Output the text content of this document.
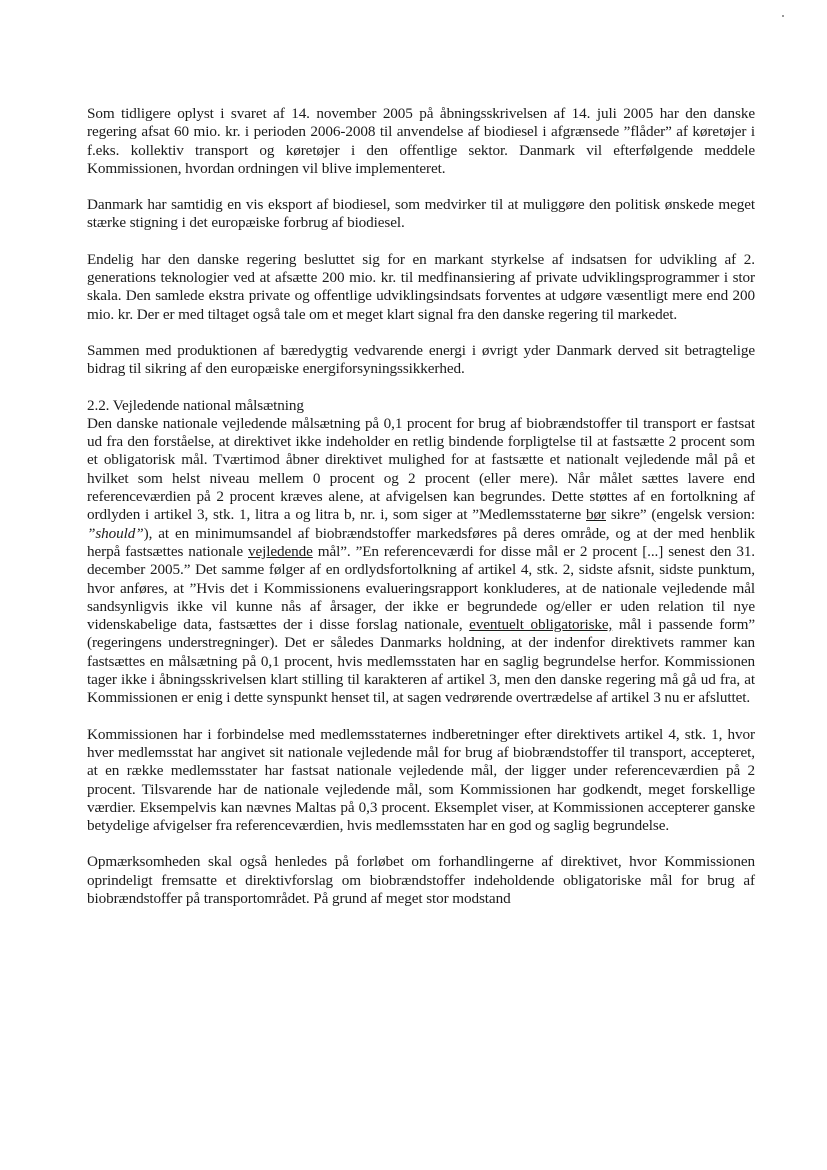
Som tidligere oplyst i svaret af 14. november 2005 på åbningsskrivelsen af 14. juli 2005 har den danske regering afsat 60 mio. kr. i perioden 2006-2008 til anvendelse af biodiesel i afgrænsede ”flåder” af køretøjer i f.eks. kollektiv transport og køretøjer i den offentlige sektor. Danmark vil efterfølgende meddele Kommissionen, hvordan ordningen vil blive implementeret.

Danmark har samtidig en vis eksport af biodiesel, som medvirker til at muliggøre den politisk ønskede meget stærke stigning i det europæiske forbrug af biodiesel.

Endelig har den danske regering besluttet sig for en markant styrkelse af indsatsen for udvikling af 2. generations teknologier ved at afsætte 200 mio. kr. til medfinansiering af private udviklingsprogrammer i stor skala. Den samlede ekstra private og offentlige udviklingsindsats forventes at udgøre væsentligt mere end 200 mio. kr. Der er med tiltaget også tale om et meget klart signal fra den danske regering til markedet.

Sammen med produktionen af bæredygtig vedvarende energi i øvrigt yder Danmark derved sit betragtelige bidrag til sikring af den europæiske energiforsyningssikkerhed.

2.2. Vejledende national målsætning

Den danske nationale vejledende målsætning på 0,1 procent for brug af biobrændstoffer til transport er fastsat ud fra den forståelse, at direktivet ikke indeholder en retlig bindende forpligtelse til at fastsætte 2 procent som et obligatorisk mål. Tværtimod åbner direktivet mulighed for at fastsætte et nationalt vejledende mål på et hvilket som helst niveau mellem 0 procent og 2 procent (eller mere). Når målet sættes lavere end referenceværdien på 2 procent kræves alene, at afvigelsen kan begrundes. Dette støttes af en fortolkning af ordlyden i artikel 3, stk. 1, litra a og litra b, nr. i, som siger at ”Medlemsstaterne bør sikre” (engelsk version: ”should”), at en minimumsandel af biobrændstoffer markedsføres på deres område, og at der med henblik herpå fastsættes nationale vejledende mål”. ”En referenceværdi for disse mål er 2 procent [...] senest den 31. december 2005.” Det samme følger af en ordlydsfortolkning af artikel 4, stk. 2, sidste afsnit, sidste punktum, hvor anføres, at ”Hvis det i Kommissionens evalueringsrapport konkluderes, at de nationale vejledende mål sandsynligvis ikke vil kunne nås af årsager, der ikke er begrundede og/eller er uden relation til nye videnskabelige data, fastsættes der i disse forslag nationale, eventuelt obligatoriske, mål i passende form” (regeringens understregninger). Det er således Danmarks holdning, at der indenfor direktivets rammer kan fastsættes en målsætning på 0,1 procent, hvis medlemsstaten har en saglig begrundelse herfor. Kommissionen tager ikke i åbningsskrivelsen klart stilling til karakteren af artikel 3, men den danske regering må gå ud fra, at Kommissionen er enig i dette synspunkt henset til, at sagen vedrørende overtrædelse af artikel 3 nu er afsluttet.

Kommissionen har i forbindelse med medlemsstaternes indberetninger efter direktivets artikel 4, stk. 1, hvor hver medlemsstat har angivet sit nationale vejledende mål for brug af biobrændstoffer til transport, accepteret, at en række medlemsstater har fastsat nationale vejledende mål, der ligger under referenceværdien på 2 procent. Tilsvarende har de nationale vejledende mål, som Kommissionen har godkendt, meget forskellige værdier. Eksempelvis kan nævnes Maltas på 0,3 procent. Eksemplet viser, at Kommissionen accepterer ganske betydelige afvigelser fra referenceværdien, hvis medlemsstaten har en god og saglig begrundelse.

Opmærksomheden skal også henledes på forløbet om forhandlingerne af direktivet, hvor Kommissionen oprindeligt fremsatte et direktivforslag om biobrændstoffer indeholdende obligatoriske mål for brug af biobrændstoffer på transportområdet. På grund af meget stor modstand
